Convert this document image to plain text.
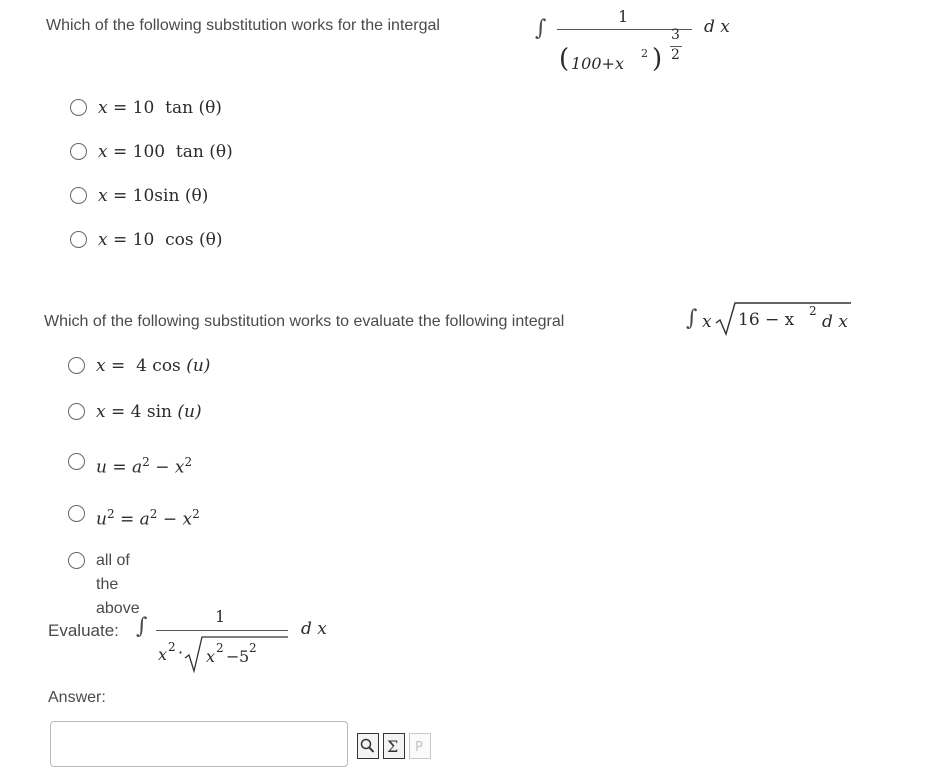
Which of the following substitution works for the intergal	∫	1
( 100+x
2 )
3
2
d x
x = 10 tan (θ)
x = 100 tan (θ)
x = 10sin (θ)
x = 10 cos (θ)
Which of the following substitution works to evaluate the following integral	∫ x 16 − x 2
d x
x = 4 cos (u)
x = 4 sin (u)
$u = a^2 - x^2$
$u^2 = a^2 - x^2$
all of the above
Evaluate: ∫	1
x 2 · x 2 − 5 2
d x
Answer:
Σ P
